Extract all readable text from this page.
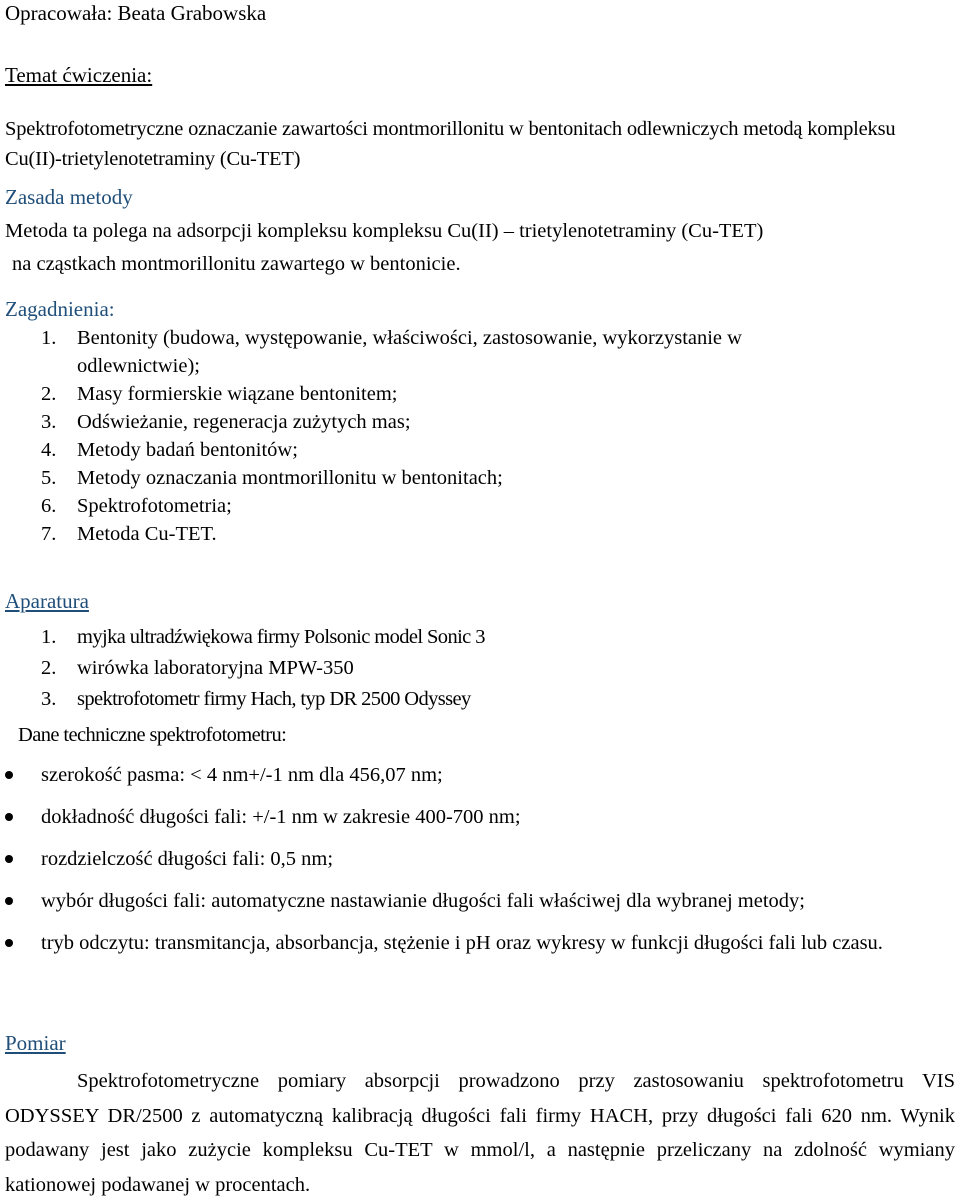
Opracowała: Beata Grabowska
Temat ćwiczenia:
Spektrofotometryczne oznaczanie zawartości montmorillonitu w bentonitach odlewniczych metodą kompleksu Cu(II)-trietylenotetraminy (Cu-TET)
Zasada metody
Metoda ta polega na adsorpcji kompleksu kompleksu Cu(II) – trietylenotetraminy (Cu-TET)
na cząstkach montmorillonitu zawartego w bentonicie.
Zagadnienia:
1. Bentonity (budowa, występowanie, właściwości, zastosowanie, wykorzystanie w
odlewnictwie);
2. Masy formierskie wiązane bentonitem;
3. Odświeżanie, regeneracja zużytych mas;
4. Metody badań bentonitów;
5. Metody oznaczania montmorillonitu w bentonitach;
6. Spektrofotometria;
7. Metoda Cu-TET.
Aparatura
1. myjka ultradźwiękowa firmy Polsonic model Sonic 3
2. wirówka laboratoryjna MPW-350
3. spektrofotometr firmy Hach, typ DR 2500 Odyssey
Dane techniczne spektrofotometru:
szerokość pasma: < 4 nm+/-1 nm dla 456,07 nm;
dokładność długości fali: +/-1 nm w zakresie 400-700 nm;
rozdzielczość długości fali: 0,5 nm;
wybór długości fali: automatyczne nastawianie długości fali właściwej dla wybranej metody;
tryb odczytu: transmitancja, absorbancja, stężenie i pH oraz wykresy w funkcji długości fali lub czasu.
Pomiar
Spektrofotometryczne pomiary absorpcji prowadzono przy zastosowaniu spektrofotometru VIS ODYSSEY DR/2500 z automatyczną kalibracją długości fali firmy HACH, przy długości fali 620 nm. Wynik podawany jest jako zużycie kompleksu Cu-TET w mmol/l, a następnie przeliczany na zdolność wymiany kationowej podawanej w procentach.
